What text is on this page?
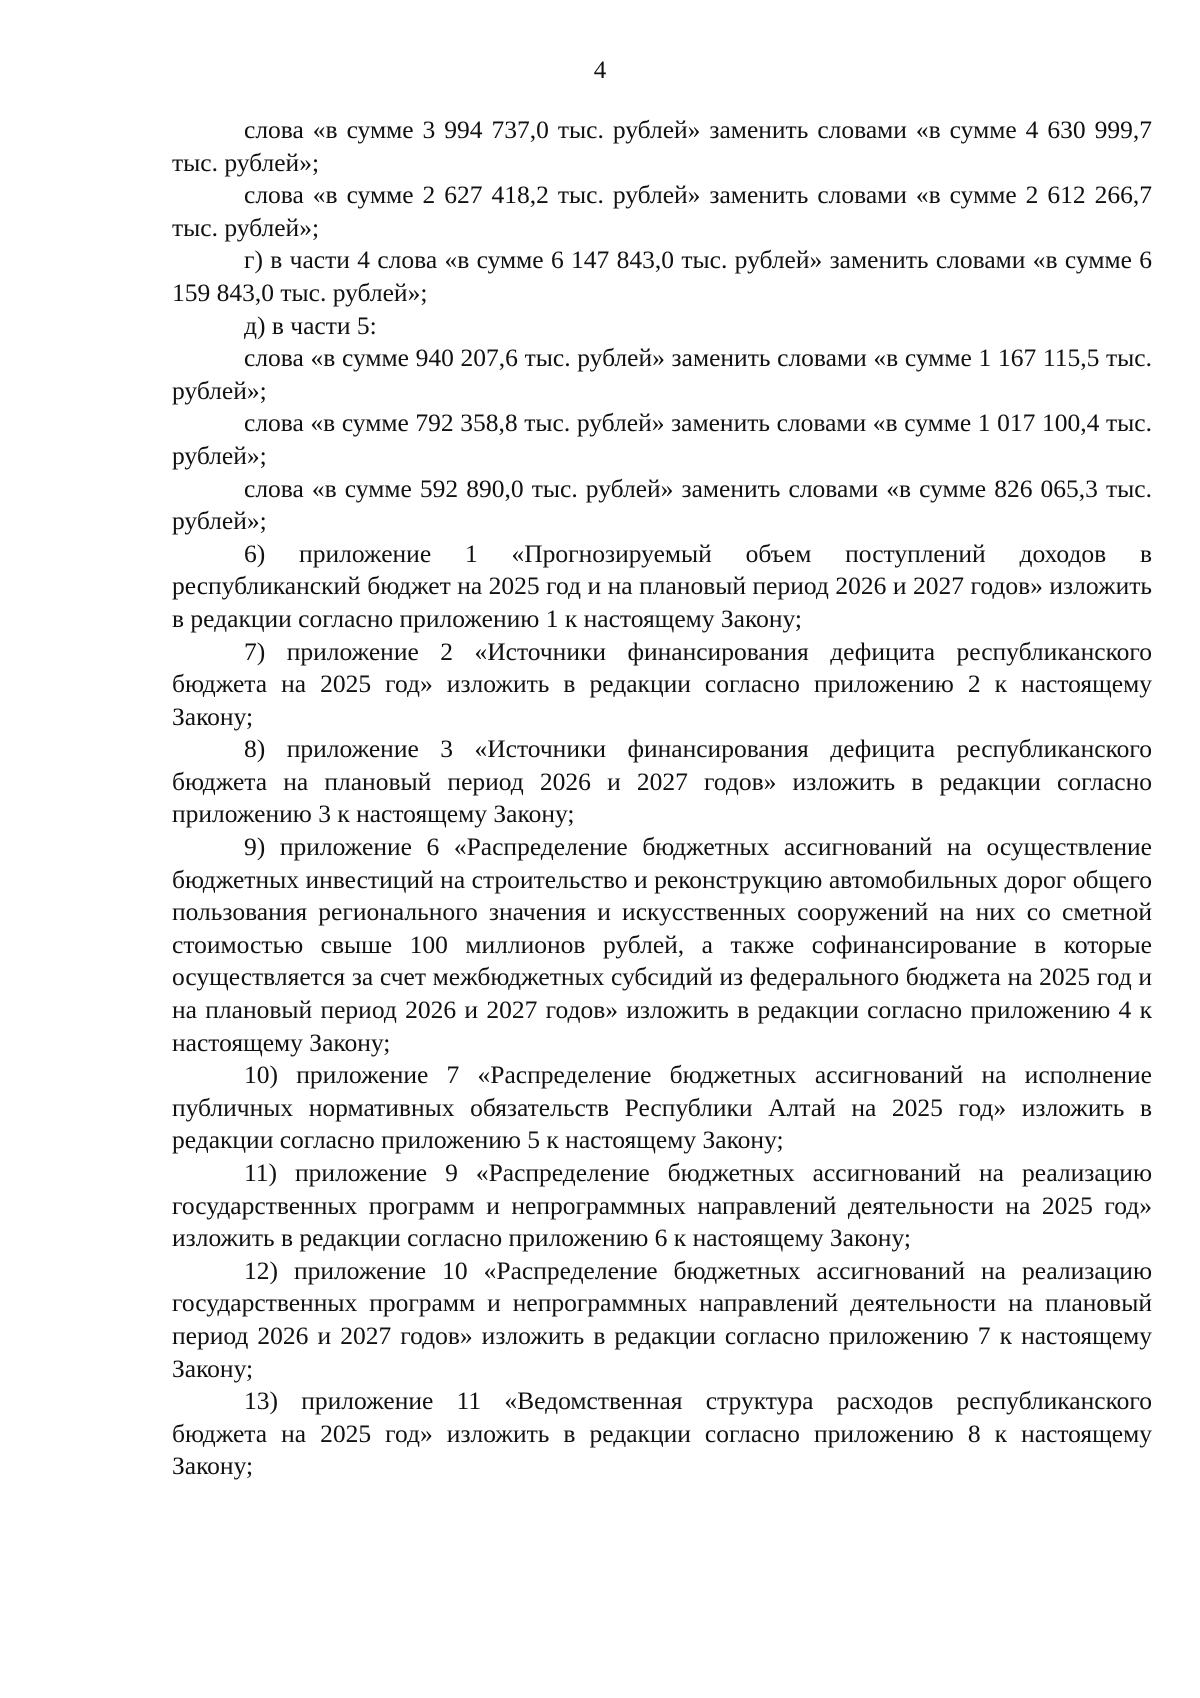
4

слова «в сумме 3 994 737,0 тыс. рублей» заменить словами «в сумме 4 630 999,7 тыс. рублей»;

слова «в сумме 2 627 418,2 тыс. рублей» заменить словами «в сумме 2 612 266,7 тыс. рублей»;

г) в части 4 слова «в сумме 6 147 843,0 тыс. рублей» заменить словами «в сумме 6 159 843,0 тыс. рублей»;

д) в части 5:

слова «в сумме 940 207,6 тыс. рублей» заменить словами «в сумме 1 167 115,5 тыс. рублей»;

слова «в сумме 792 358,8 тыс. рублей» заменить словами «в сумме 1 017 100,4 тыс. рублей»;

слова «в сумме 592 890,0 тыс. рублей» заменить словами «в сумме 826 065,3 тыс. рублей»;

6) приложение 1 «Прогнозируемый объем поступлений доходов в республиканский бюджет на 2025 год и на плановый период 2026 и 2027 годов» изложить в редакции согласно приложению 1 к настоящему Закону;

7) приложение 2 «Источники финансирования дефицита республиканского бюджета на 2025 год» изложить в редакции согласно приложению 2 к настоящему Закону;

8) приложение 3 «Источники финансирования дефицита республиканского бюджета на плановый период 2026 и 2027 годов» изложить в редакции согласно приложению 3 к настоящему Закону;

9) приложение 6 «Распределение бюджетных ассигнований на осуществление бюджетных инвестиций на строительство и реконструкцию автомобильных дорог общего пользования регионального значения и искусственных сооружений на них со сметной стоимостью свыше 100 миллионов рублей, а также софинансирование в которые осуществляется за счет межбюджетных субсидий из федерального бюджета на 2025 год и на плановый период 2026 и 2027 годов» изложить в редакции согласно приложению 4 к настоящему Закону;

10) приложение 7 «Распределение бюджетных ассигнований на исполнение публичных нормативных обязательств Республики Алтай на 2025 год» изложить в редакции согласно приложению 5 к настоящему Закону;

11) приложение 9 «Распределение бюджетных ассигнований на реализацию государственных программ и непрограммных направлений деятельности на 2025 год» изложить в редакции согласно приложению 6 к настоящему Закону;

12) приложение 10 «Распределение бюджетных ассигнований на реализацию государственных программ и непрограммных направлений деятельности на плановый период 2026 и 2027 годов» изложить в редакции согласно приложению 7 к настоящему Закону;

13) приложение 11 «Ведомственная структура расходов республиканского бюджета на 2025 год» изложить в редакции согласно приложению 8 к настоящему Закону;
